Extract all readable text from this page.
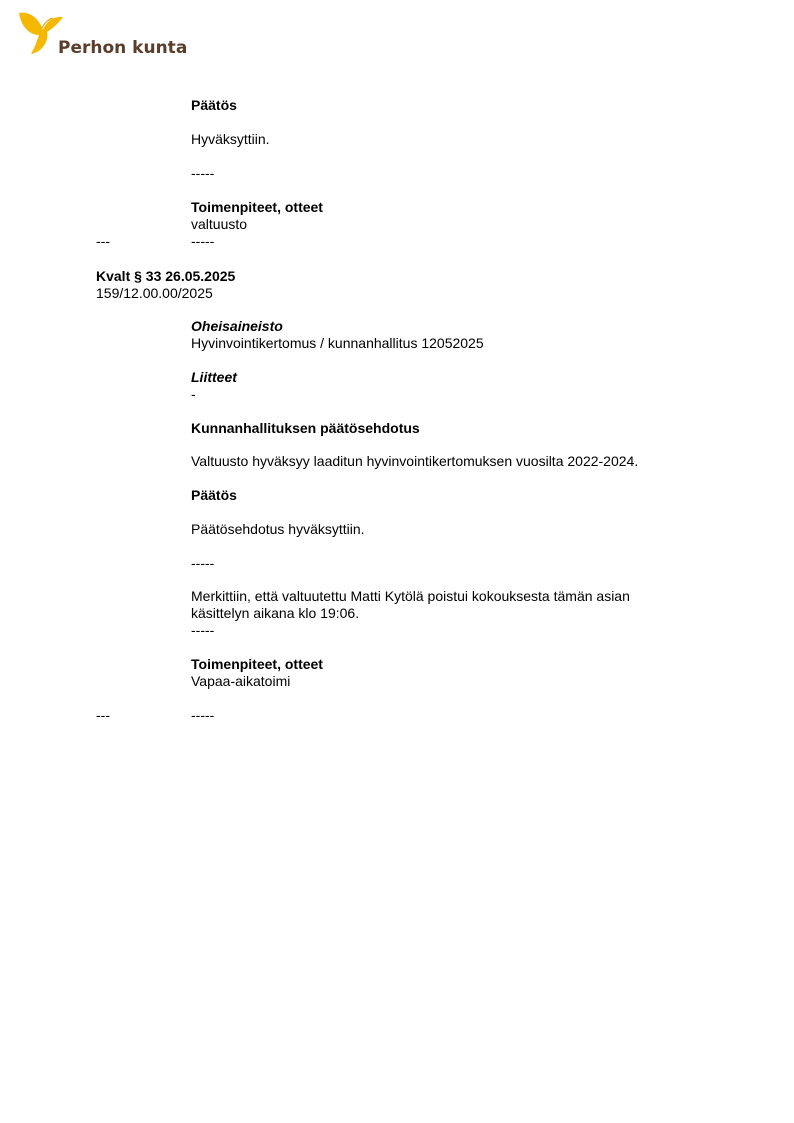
Perhon kunta
Päätös
Hyväksyttiin.
-----
Toimenpiteet, otteet
valtuusto
---	-----
Kvalt § 33 26.05.2025
159/12.00.00/2025
Oheisaineisto
Hyvinvointikertomus / kunnanhallitus 12052025
Liitteet
-
Kunnanhallituksen päätösehdotus
Valtuusto hyväksyy laaditun hyvinvointikertomuksen vuosilta 2022-2024.
Päätös
Päätösehdotus hyväksyttiin.
-----
Merkittiin, että valtuutettu Matti Kytölä poistui kokouksesta tämän asian käsittelyn aikana klo 19:06.
-----
Toimenpiteet, otteet
Vapaa-aikatoimi
---	-----
